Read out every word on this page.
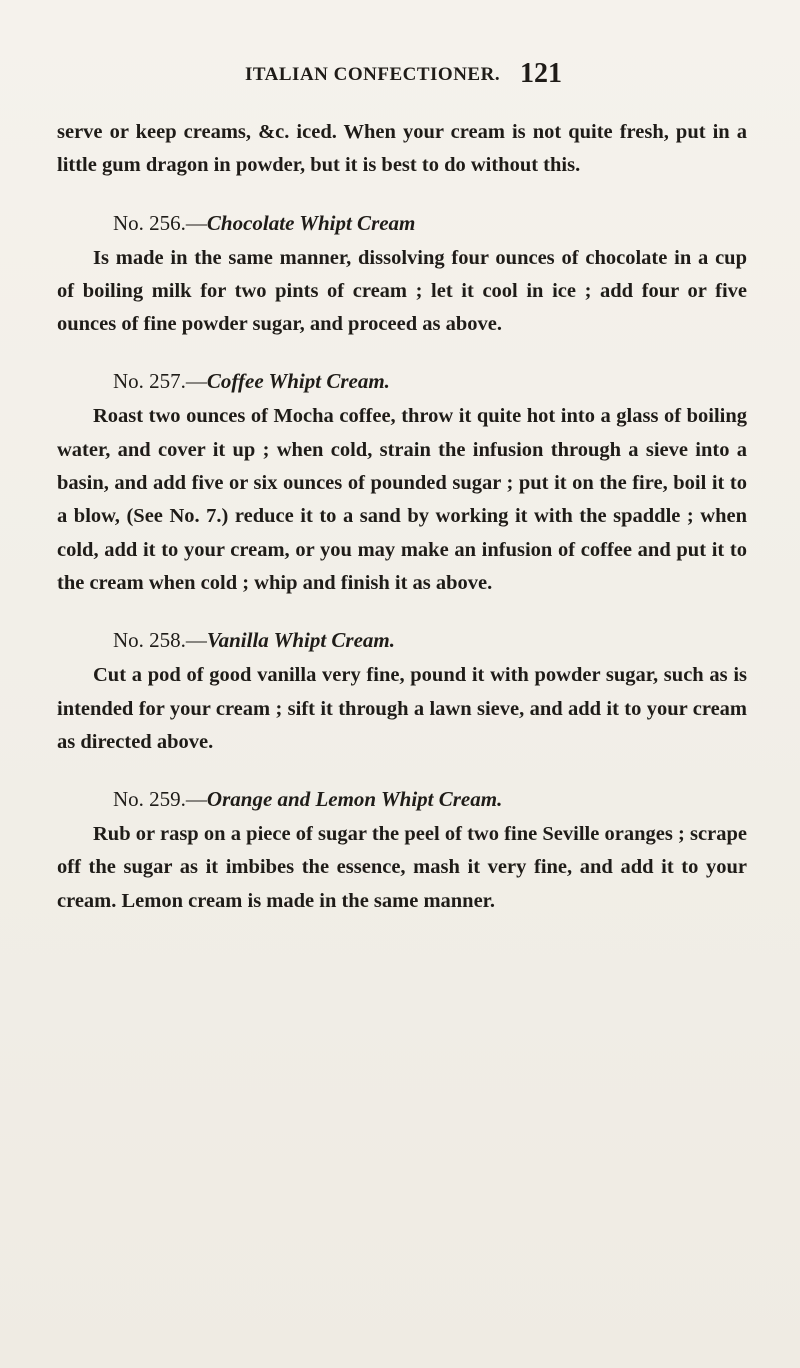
ITALIAN CONFECTIONER. 121

serve or keep creams, &c. iced. When your cream is not quite fresh, put in a little gum dragon in powder, but it is best to do without this.

No. 256.—Chocolate Whipt Cream

Is made in the same manner, dissolving four ounces of chocolate in a cup of boiling milk for two pints of cream ; let it cool in ice ; add four or five ounces of fine powder sugar, and proceed as above.

No. 257.—Coffee Whipt Cream.

Roast two ounces of Mocha coffee, throw it quite hot into a glass of boiling water, and cover it up ; when cold, strain the infusion through a sieve into a basin, and add five or six ounces of pounded sugar ; put it on the fire, boil it to a blow, (See No. 7.) reduce it to a sand by working it with the spaddle ; when cold, add it to your cream, or you may make an infusion of coffee and put it to the cream when cold ; whip and finish it as above.

No. 258.—Vanilla Whipt Cream.

Cut a pod of good vanilla very fine, pound it with powder sugar, such as is intended for your cream ; sift it through a lawn sieve, and add it to your cream as directed above.

No. 259.—Orange and Lemon Whipt Cream.

Rub or rasp on a piece of sugar the peel of two fine Seville oranges ; scrape off the sugar as it imbibes the essence, mash it very fine, and add it to your cream. Lemon cream is made in the same manner.
